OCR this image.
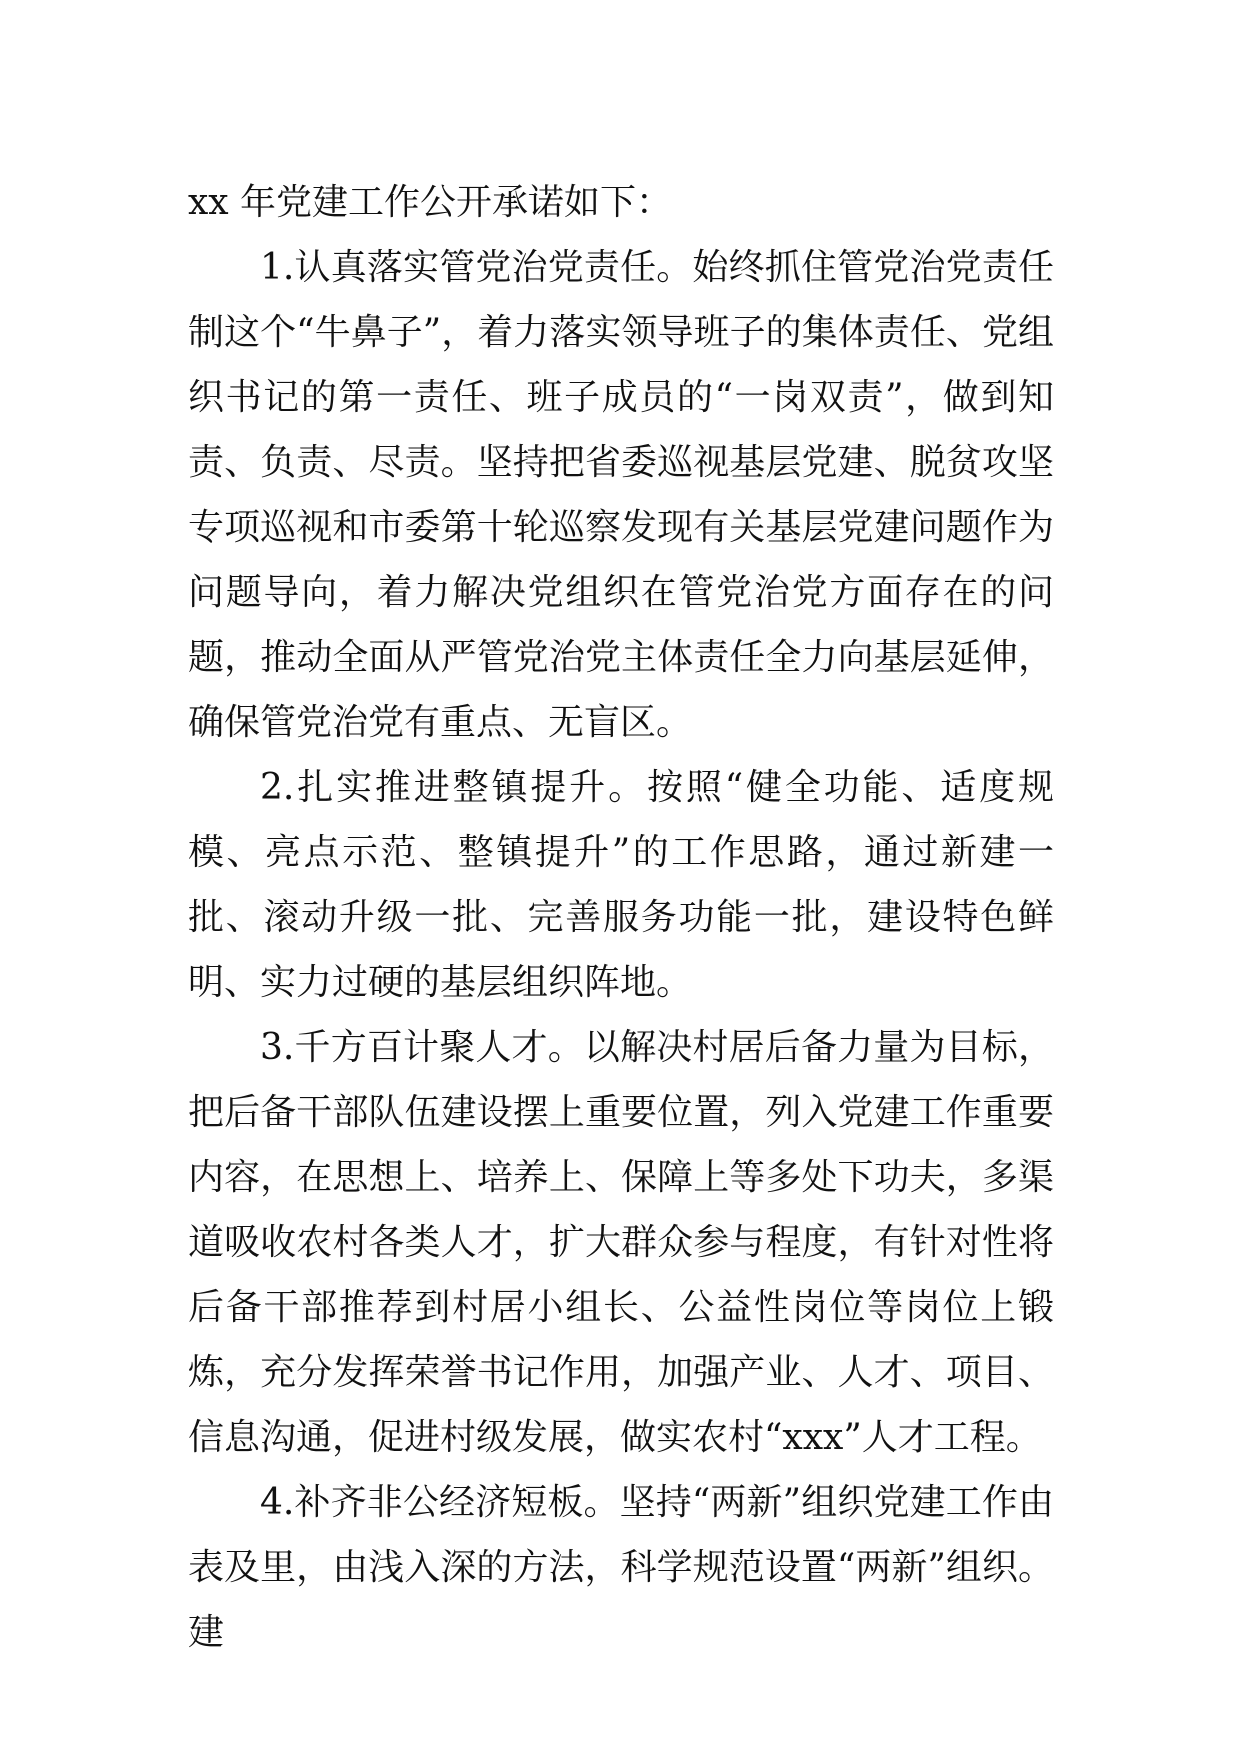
xx 年党建工作公开承诺如下：

1.认真落实管党治党责任。始终抓住管党治党责任制这个“牛鼻子”，着力落实领导班子的集体责任、党组织书记的第一责任、班子成员的“一岗双责”，做到知责、负责、尽责。坚持把省委巡视基层党建、脱贫攻坚专项巡视和市委第十轮巡察发现有关基层党建问题作为问题导向，着力解决党组织在管党治党方面存在的问题，推动全面从严管党治党主体责任全力向基层延伸，确保管党治党有重点、无盲区。

2.扎实推进整镇提升。按照“健全功能、适度规模、亮点示范、整镇提升”的工作思路，通过新建一批、滚动升级一批、完善服务功能一批，建设特色鲜明、实力过硬的基层组织阵地。

3.千方百计聚人才。以解决村居后备力量为目标，把后备干部队伍建设摆上重要位置，列入党建工作重要内容，在思想上、培养上、保障上等多处下功夫，多渠道吸收农村各类人才，扩大群众参与程度，有针对性将后备干部推荐到村居小组长、公益性岗位等岗位上锻炼，充分发挥荣誉书记作用，加强产业、人才、项目、信息沟通，促进村级发展，做实农村“xxx”人才工程。

4.补齐非公经济短板。坚持“两新”组织党建工作由表及里，由浅入深的方法，科学规范设置“两新”组织。建
